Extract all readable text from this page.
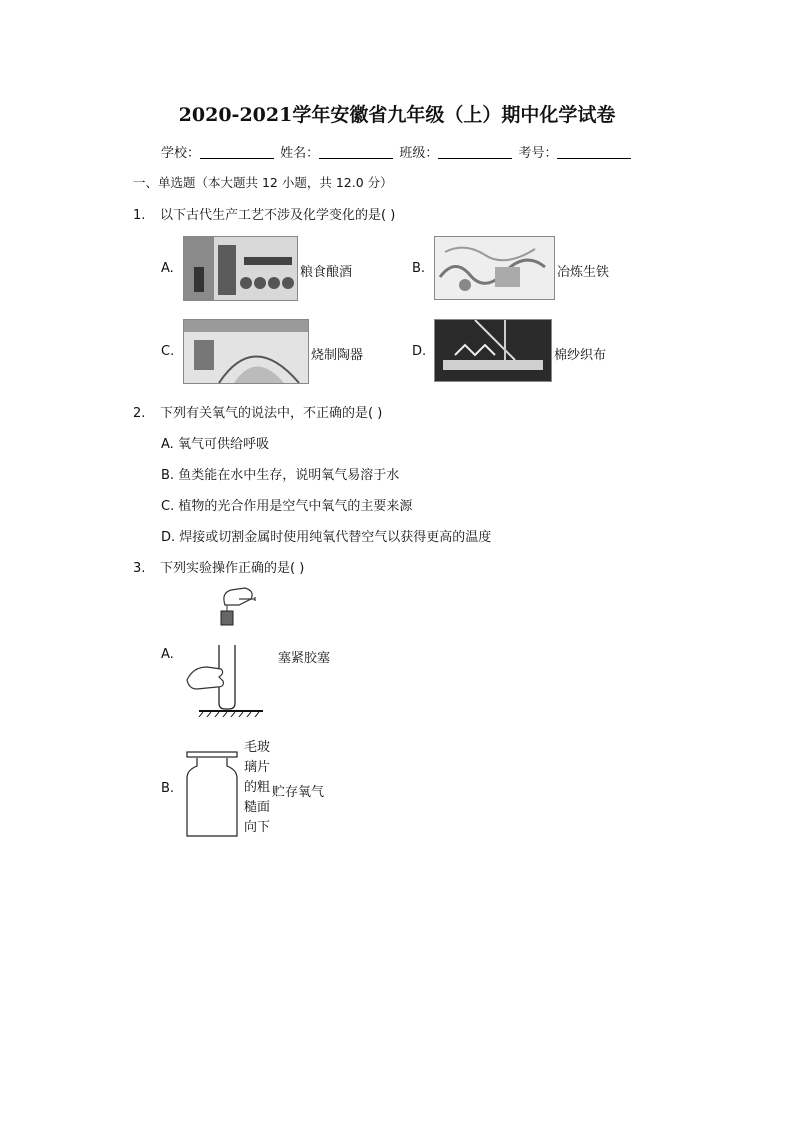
2020-2021学年安徽省九年级（上）期中化学试卷
学校：	姓名：	班级：	考号：
一、单选题（本大题共 12 小题，共 12.0 分）
1. 以下古代生产工艺不涉及化学变化的是( )
A.	粮食酿酒	B.	冶炼生铁
C.	烧制陶器	D.	棉纱织布
2. 下列有关氧气的说法中，不正确的是( )
A. 氧气可供给呼吸
B. 鱼类能在水中生存，说明氧气易溶于水
C. 植物的光合作用是空气中氧气的主要来源
D. 焊接或切割金属时使用纯氧代替空气以获得更高的温度
3. 下列实验操作正确的是( )
A.	塞紧胶塞
B.
毛玻
璃片
的粗
糙面
向下
贮存氧气
